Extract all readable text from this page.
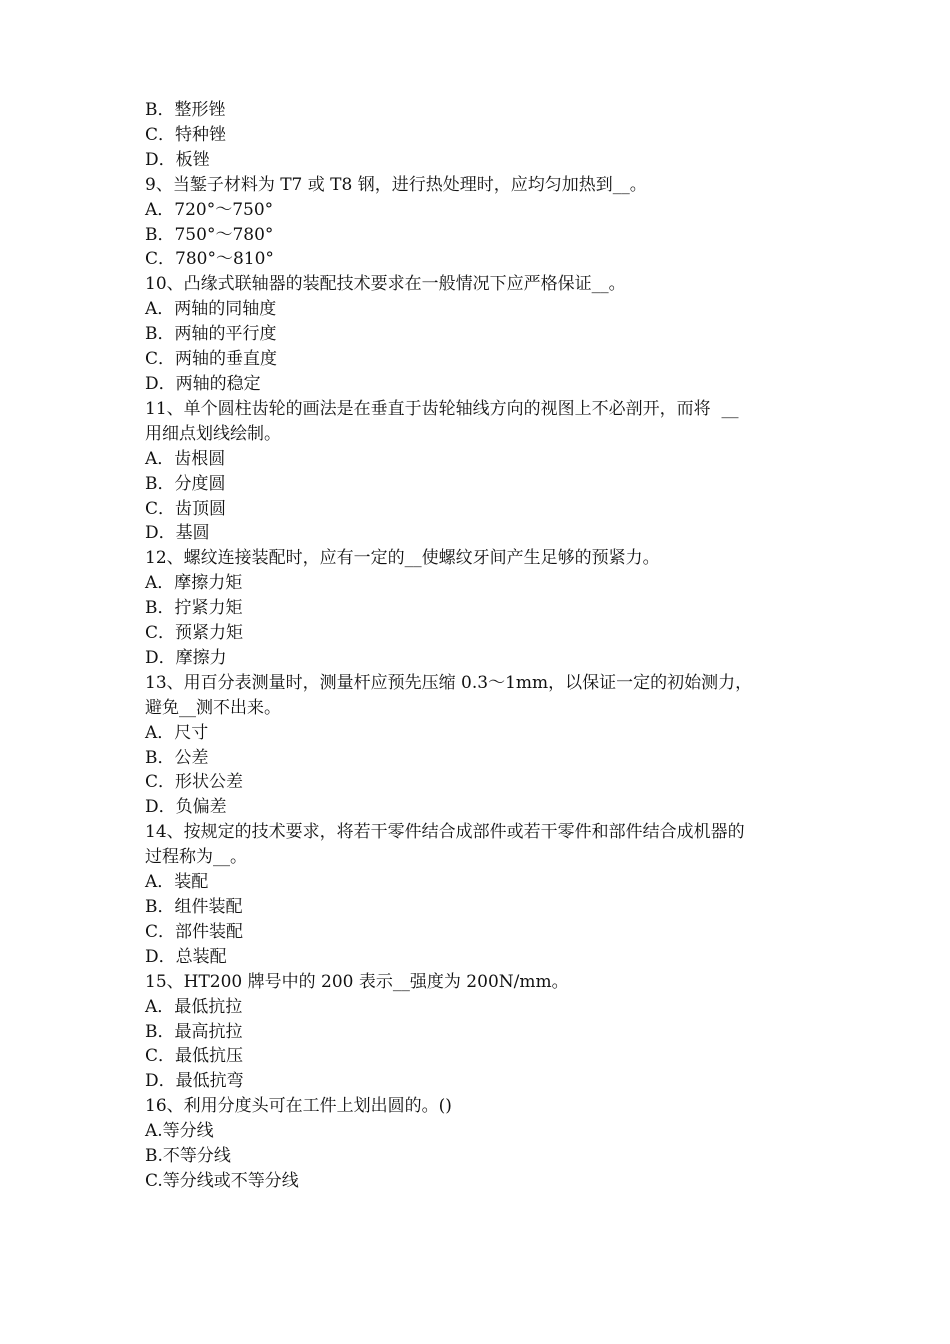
B．整形锉
C．特种锉
D．板锉
9、当錾子材料为 T7 或 T8 钢，进行热处理时，应均匀加热到__。
A．720°～750°
B．750°～780°
C．780°～810°
10、凸缘式联轴器的装配技术要求在一般情况下应严格保证__。
A．两轴的同轴度
B．两轴的平行度
C．两轴的垂直度
D．两轴的稳定
11、单个圆柱齿轮的画法是在垂直于齿轮轴线方向的视图上不必剖开，而将  __
用细点划线绘制。
A．齿根圆
B．分度圆
C．齿顶圆
D．基圆
12、螺纹连接装配时，应有一定的__使螺纹牙间产生足够的预紧力。
A．摩擦力矩
B．拧紧力矩
C．预紧力矩
D．摩擦力
13、用百分表测量时，测量杆应预先压缩 0.3～1mm，以保证一定的初始测力，
避免__测不出来。
A．尺寸
B．公差
C．形状公差
D．负偏差
14、按规定的技术要求，将若干零件结合成部件或若干零件和部件结合成机器的
过程称为__。
A．装配
B．组件装配
C．部件装配
D．总装配
15、HT200 牌号中的 200 表示__强度为 200N/mm。
A．最低抗拉
B．最高抗拉
C．最低抗压
D．最低抗弯
16、利用分度头可在工件上划出圆的。()
A.等分线
B.不等分线
C.等分线或不等分线
